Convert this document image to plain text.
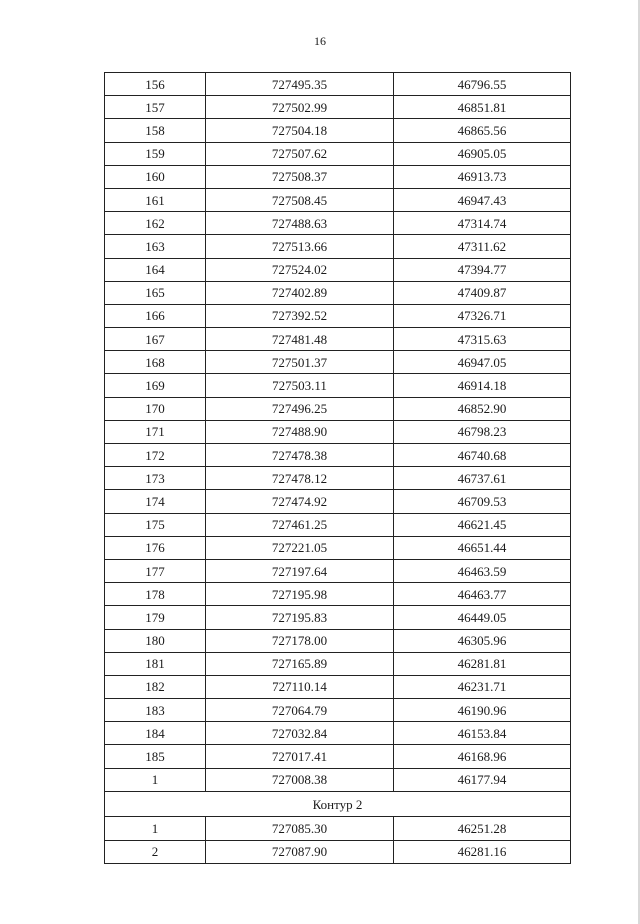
16
156	727495.35	46796.55
157	727502.99	46851.81
158	727504.18	46865.56
159	727507.62	46905.05
160	727508.37	46913.73
161	727508.45	46947.43
162	727488.63	47314.74
163	727513.66	47311.62
164	727524.02	47394.77
165	727402.89	47409.87
166	727392.52	47326.71
167	727481.48	47315.63
168	727501.37	46947.05
169	727503.11	46914.18
170	727496.25	46852.90
171	727488.90	46798.23
172	727478.38	46740.68
173	727478.12	46737.61
174	727474.92	46709.53
175	727461.25	46621.45
176	727221.05	46651.44
177	727197.64	46463.59
178	727195.98	46463.77
179	727195.83	46449.05
180	727178.00	46305.96
181	727165.89	46281.81
182	727110.14	46231.71
183	727064.79	46190.96
184	727032.84	46153.84
185	727017.41	46168.96
1	727008.38	46177.94
Контур 2		
1	727085.30	46251.28
2	727087.90	46281.16
